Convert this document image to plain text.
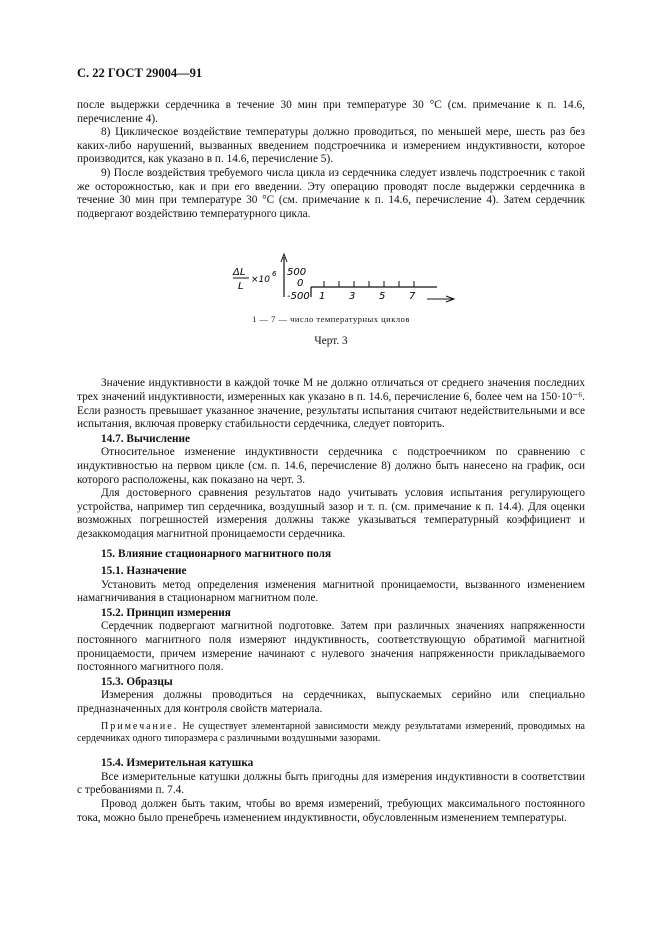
С. 22 ГОСТ 29004—91

после выдержки сердечника в течение 30 мин при температуре 30 °С (см. примечание к п. 14.6, перечисление 4).

8) Циклическое воздействие температуры должно проводиться, по меньшей мере, шесть раз без каких-либо нарушений, вызванных введением подстроечника и измерением индуктивности, которое производится, как указано в п. 14.6, перечисление 5).

9) После воздействия требуемого числа цикла из сердечника следует извлечь подстроечник с такой же осторожностью, как и при его введении. Эту операцию проводят после выдержки сердечника в течение 30 мин при температуре 30 °С (см. примечание к п. 14.6, перечисление 4). Затем сердечник подвергают воздействию температурного цикла.

ΔL
L
×10
6 500
0
-500 1 3 5 7
1 — 7 — число температурных циклов
Черт. 3

Значение индуктивности в каждой точке M не должно отличаться от среднего значения последних трех значений индуктивности, измеренных как указано в п. 14.6, перечисление 6, более чем на 150·10⁻⁶. Если разность превышает указанное значение, результаты испытания считают недействительными и все испытания, включая проверку стабильности сердечника, следует повторить.

14.7. Вычисление

Относительное изменение индуктивности сердечника с подстроечником по сравнению с индуктивностью на первом цикле (см. п. 14.6, перечисление 8) должно быть нанесено на график, оси которого расположены, как показано на черт. 3.

Для достоверного сравнения результатов надо учитывать условия испытания регулирующего устройства, например тип сердечника, воздушный зазор и т. п. (см. примечание к п. 14.4). Для оценки возможных погрешностей измерения должны также указываться температурный коэффициент и дезаккомодация магнитной проницаемости сердечника.

15. Влияние стационарного магнитного поля

15.1. Назначение

Установить метод определения изменения магнитной проницаемости, вызванного изменением намагничивания в стационарном магнитном поле.

15.2. Принцип измерения

Сердечник подвергают магнитной подготовке. Затем при различных значениях напряженности постоянного магнитного поля измеряют индуктивность, соответствующую обратимой магнитной проницаемости, причем измерение начинают с нулевого значения напряженности прикладываемого постоянного магнитного поля.

15.3. Образцы

Измерения должны проводиться на сердечниках, выпускаемых серийно или специально предназначенных для контроля свойств материала.

Примечание. Не существует элементарной зависимости между результатами измерений, проводимых на сердечниках одного типоразмера с различными воздушными зазорами.

15.4. Измерительная катушка

Все измерительные катушки должны быть пригодны для измерения индуктивности в соответствии с требованиями п. 7.4.

Провод должен быть таким, чтобы во время измерений, требующих максимального постоянного тока, можно было пренебречь изменением индуктивности, обусловленным изменением температуры.
